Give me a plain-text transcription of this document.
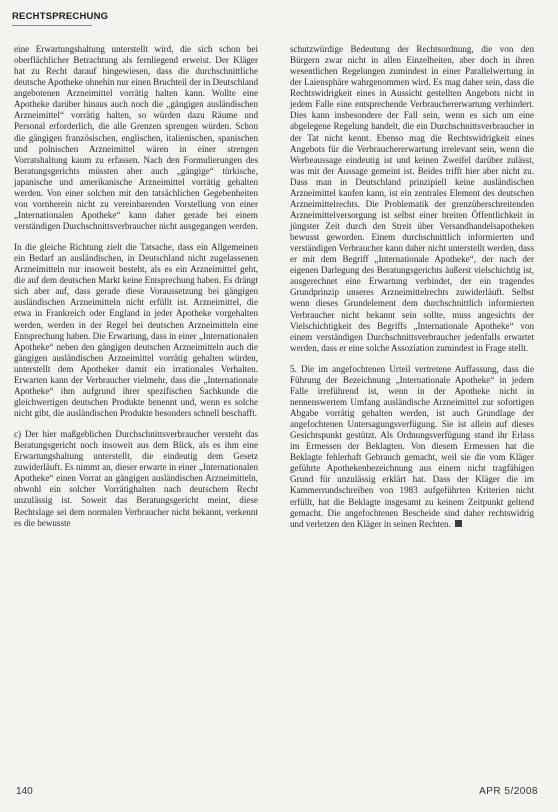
RECHTSPRECHUNG

eine Erwartungshaltung unterstellt wird, die sich schon bei oberflächlicher Betrachtung als fernliegend erweist. Der Kläger hat zu Recht darauf hingewiesen, dass die durchschnittliche deutsche Apotheke ohnehin nur einen Bruchteil der in Deutschland angebotenen Arzneimittel vorrätig halten kann. Wollte eine Apotheke darüber hinaus auch noch die „gängigen ausländischen Arzneimittel“ vorrätig halten, so würden dazu Räume und Personal erforderlich, die alle Grenzen sprengen würden. Schon die gängigen französischen, englischen, italienischen, spanischen und polnischen Arzneimittel wären in einer strengen Vorratshaltung kaum zu erfassen. Nach den Formulierungen des Beratungsgerichts müssten aber auch „gängige“ türkische, japanische und amerikanische Arzneimittel vorrätig gehalten werden. Von einer solchen mit den tatsächlichen Gegebenheiten von vornherein nicht zu vereinbarenden Vorstellung von einer „Internationalen Apotheke“ kann daher gerade bei einem verständigen Durchschnittsverbraucher nicht ausgegangen werden.

In die gleiche Richtung zielt die Tatsache, dass ein Allgemeinen ein Bedarf an ausländischen, in Deutschland nicht zugelassenen Arzneimitteln nur insoweit besteht, als es ein Arzneimittel geht, die auf dem deutschen Markt keine Entsprechung haben. Es drängt sich aber auf, dass gerade diese Voraussetzung bei gängigen ausländischen Arzneimitteln nicht erfüllt ist. Arzneimittel, die etwa in Frankreich oder England in jeder Apotheke vorgehalten werden, werden in der Regel bei deutschen Arzneimitteln eine Entsprechung haben. Die Erwartung, dass in einer „Internationalen Apotheke“ neben den gängigen deutschen Arzneimitteln auch die gängigen ausländischen Arzneimittel vorrätig gehalten würden, unterstellt dem Apotheker damit ein irrationales Verhalten. Erwarten kann der Verbraucher vielmehr, dass die „Internationale Apotheke“ ihm aufgrund ihrer spezifischen Sachkunde die gleichwertigen deutschen Produkte benennt und, wenn es solche nicht gibt, die ausländischen Produkte besonders schnell beschafft.

c) Der hier maßgeblichen Durchschnittsverbraucher versteht das Beratungsgericht noch insoweit aus dem Blick, als es ihm eine Erwartungshaltung unterstellt, die eindeutig dem Gesetz zuwiderläuft. Es nimmt an, dieser erwarte in einer „Internationalen Apotheke“ einen Vorrat an gängigen ausländischen Arzneimitteln, obwohl ein solcher Vorrätighalten nach deutschem Recht unzulässig ist. Soweit das Beratungsgericht meint, diese Rechtslage sei dem normalen Verbraucher nicht bekannt, verkennt es die bewusste

schutzwürdige Bedeutung der Rechtsordnung, die von den Bürgern zwar nicht in allen Einzelheiten, aber doch in ihren wesentlichen Regelungen zumindest in einer Parallelwertung in der Laiensphäre wahrgenommen wird. Es mag daher sein, dass die Rechtswidrigkeit eines in Aussicht gestellten Angebots nicht in jedem Falle eine entsprechende Verbrauchererwartung verhindert. Dies kann insbesondere der Fall sein, wenn es sich um eine abgelegene Regelung handelt, die ein Durchschnittsverbraucher in der Tat nicht kennt. Ebenso mag die Rechtswidrigkeit eines Angebots für die Verbrauchererwartung irrelevant sein, wenn die Werbeaussage eindeutig ist und keinen Zweifel darüber zulässt, was mit der Aussage gemeint ist. Beides trifft hier aber nicht zu. Dass man in Deutschland prinzipiell keine ausländischen Arzneimittel kaufen kann, ist ein zentrales Element des deutschen Arzneimittelrechts. Die Problematik der grenzüberschreitenden Arzneimittelversorgung ist selbst einer breiten Öffentlichkeit in jüngster Zeit durch den Streit über Versandhandelsapotheken bewusst geworden. Einem durchschnittlich informierten und verständigen Verbraucher kann daher nicht unterstellt werden, dass er mit dem Begriff „Internationale Apotheke“, der nach der eigenen Darlegung des Beratungsgerichts äußerst vielschichtig ist, ausgerechnet eine Erwartung verbindet, der ein tragendes Grundprinzip unseres Arzneimittelrechts zuwiderläuft. Selbst wenn dieses Grundelement dem durchschnittlich informierten Verbraucher nicht bekannt sein sollte, muss angesichts der Vielschichtigkeit des Begriffs „Internationale Apotheke“ von einem verständigen Durchschnittsverbraucher jedenfalls erwartet werden, dass er eine solche Assoziation zumindest in Frage stellt.

5. Die im angefochtenen Urteil vertretene Auffassung, dass die Führung der Bezeichnung „Internationale Apotheke“ in jedem Falle irreführend ist, wenn in der Apotheke nicht in nennenswertem Umfang ausländische Arzneimittel zur sofortigen Abgabe vorrätig gehalten werden, ist auch Grundlage der angefochtenen Untersagungsverfügung. Sie ist allein auf dieses Gesichtspunkt gestützt. Als Ordnungsverfügung stand ihr Erlass im Ermessen der Beklagten. Von diesem Ermessen hat die Beklagte fehlerhaft Gebrauch gemacht, weil sie die vom Kläger geführte Apothekenbezeichnung aus einem nicht tragfähigen Grund für unzulässig erklärt hat. Dass der Kläger die im Kammerrundschreiben von 1983 aufgeführten Kriterien nicht erfüllt, hat die Beklagte insgesamt zu keinem Zeitpunkt geltend gemacht. Die angefochtenen Bescheide sind daher rechtswidrig und verletzen den Kläger in seinen Rechten.

140	APR 5/2008
